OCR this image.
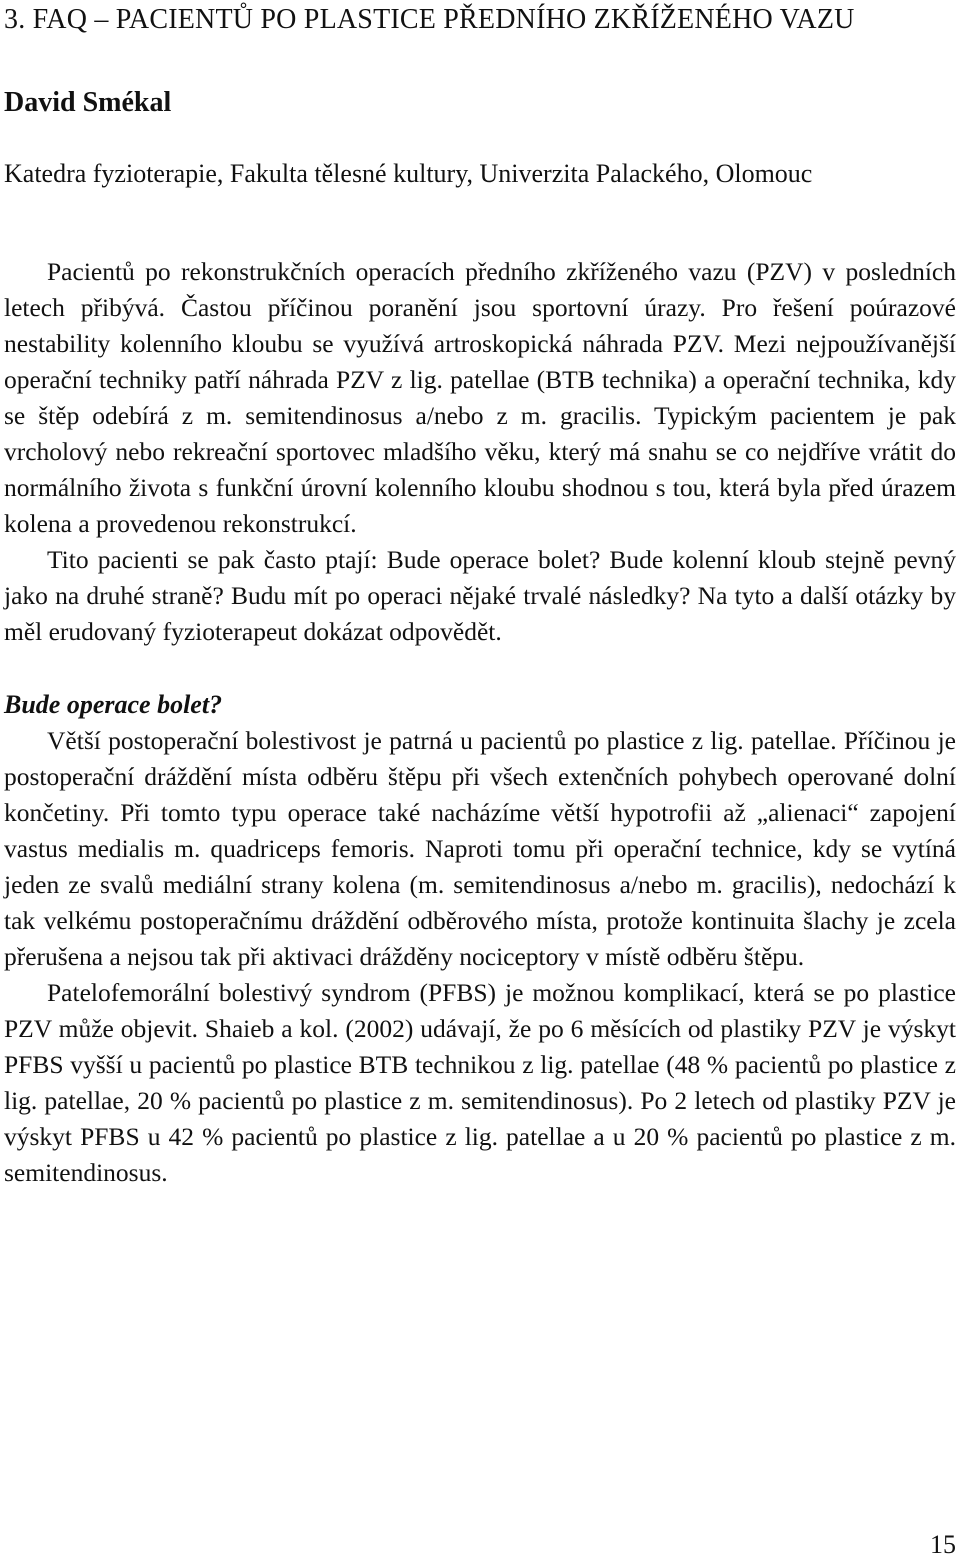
3. FAQ – PACIENTŮ PO PLASTICE PŘEDNÍHO ZKŘÍŽENÉHO VAZU
David Smékal
Katedra fyzioterapie, Fakulta tělesné kultury, Univerzita Palackého, Olomouc

Pacientů po rekonstrukčních operacích předního zkříženého vazu (PZV) v posledních letech přibývá. Častou příčinou poranění jsou sportovní úrazy. Pro řešení poúrazové nestability kolenního kloubu se využívá artroskopická náhrada PZV. Mezi nejpoužívanější operační techniky patří náhrada PZV z lig. patellae (BTB technika) a operační technika, kdy se štěp odebírá z m. semitendinosus a/nebo z m. gracilis. Typickým pacientem je pak vrcholový nebo rekreační sportovec mladšího věku, který má snahu se co nejdříve vrátit do normálního života s funkční úrovní kolenního kloubu shodnou s tou, která byla před úrazem kolena a provedenou rekonstrukcí.

Tito pacienti se pak často ptají: Bude operace bolet? Bude kolenní kloub stejně pevný jako na druhé straně? Budu mít po operaci nějaké trvalé následky? Na tyto a další otázky by měl erudovaný fyzioterapeut dokázat odpovědět.

Bude operace bolet?

Větší postoperační bolestivost je patrná u pacientů po plastice z lig. patellae. Příčinou je postoperační dráždění místa odběru štěpu při všech extenčních pohybech operované dolní končetiny. Při tomto typu operace také nacházíme větší hypotrofii až „alienaci“ zapojení vastus medialis m. quadriceps femoris. Naproti tomu při operační technice, kdy se vytíná jeden ze svalů mediální strany kolena (m. semitendinosus a/nebo m. gracilis), nedochází k tak velkému postoperačnímu dráždění odběrového místa, protože kontinuita šlachy je zcela přerušena a nejsou tak při aktivaci drážděny nociceptory v místě odběru štěpu.

Patelofemorální bolestivý syndrom (PFBS) je možnou komplikací, která se po plastice PZV může objevit. Shaieb a kol. (2002) udávají, že po 6 měsících od plastiky PZV je výskyt PFBS vyšší u pacientů po plastice BTB technikou z lig. patellae (48 % pacientů po plastice z lig. patellae, 20 % pacientů po plastice z m. semitendinosus). Po 2 letech od plastiky PZV je výskyt PFBS u 42 % pacientů po plastice z lig. patellae a u 20 % pacientů po plastice z m. semitendinosus.

15
